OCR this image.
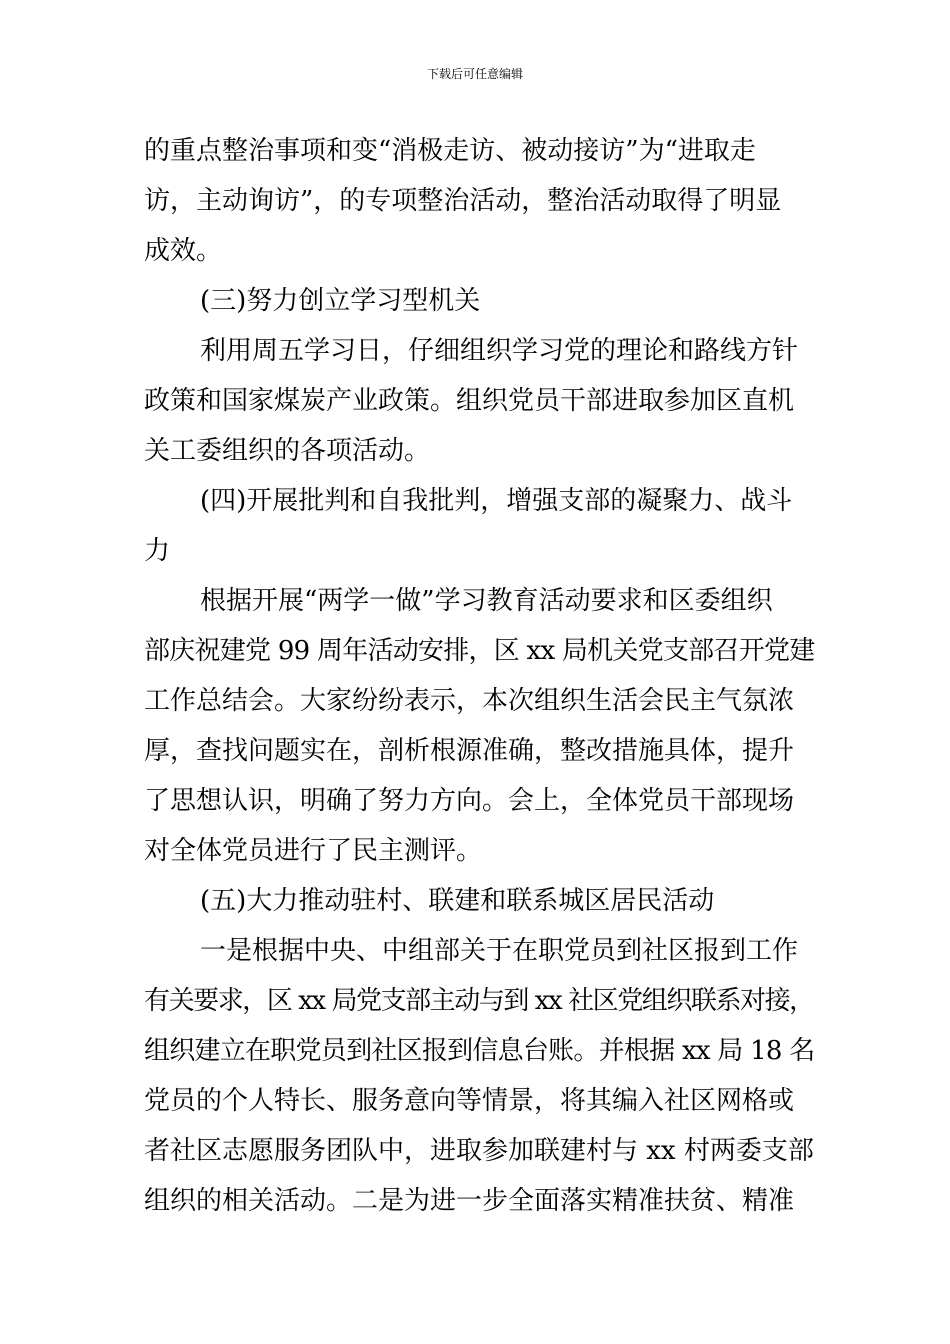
下载后可任意编辑
的重点整治事项和变“消极走访、被动接访”为“进取走
访，主动询访”，的专项整治活动，整治活动取得了明显
成效。
(三)努力创立学习型机关
利用周五学习日，仔细组织学习党的理论和路线方针
政策和国家煤炭产业政策。组织党员干部进取参加区直机
关工委组织的各项活动。
(四)开展批判和自我批判，增强支部的凝聚力、战斗
力
根据开展“两学一做”学习教育活动要求和区委组织
部庆祝建党 99 周年活动安排，区 xx 局机关党支部召开党建
工作总结会。大家纷纷表示，本次组织生活会民主气氛浓
厚，查找问题实在，剖析根源准确，整改措施具体，提升
了思想认识，明确了努力方向。会上，全体党员干部现场
对全体党员进行了民主测评。
(五)大力推动驻村、联建和联系城区居民活动
一是根据中央、中组部关于在职党员到社区报到工作
有关要求，区 xx 局党支部主动与到 xx 社区党组织联系对接，
组织建立在职党员到社区报到信息台账。并根据 xx 局 18 名
党员的个人特长、服务意向等情景，将其编入社区网格或
者社区志愿服务团队中，进取参加联建村与 xx 村两委支部
组织的相关活动。二是为进一步全面落实精准扶贫、精准
